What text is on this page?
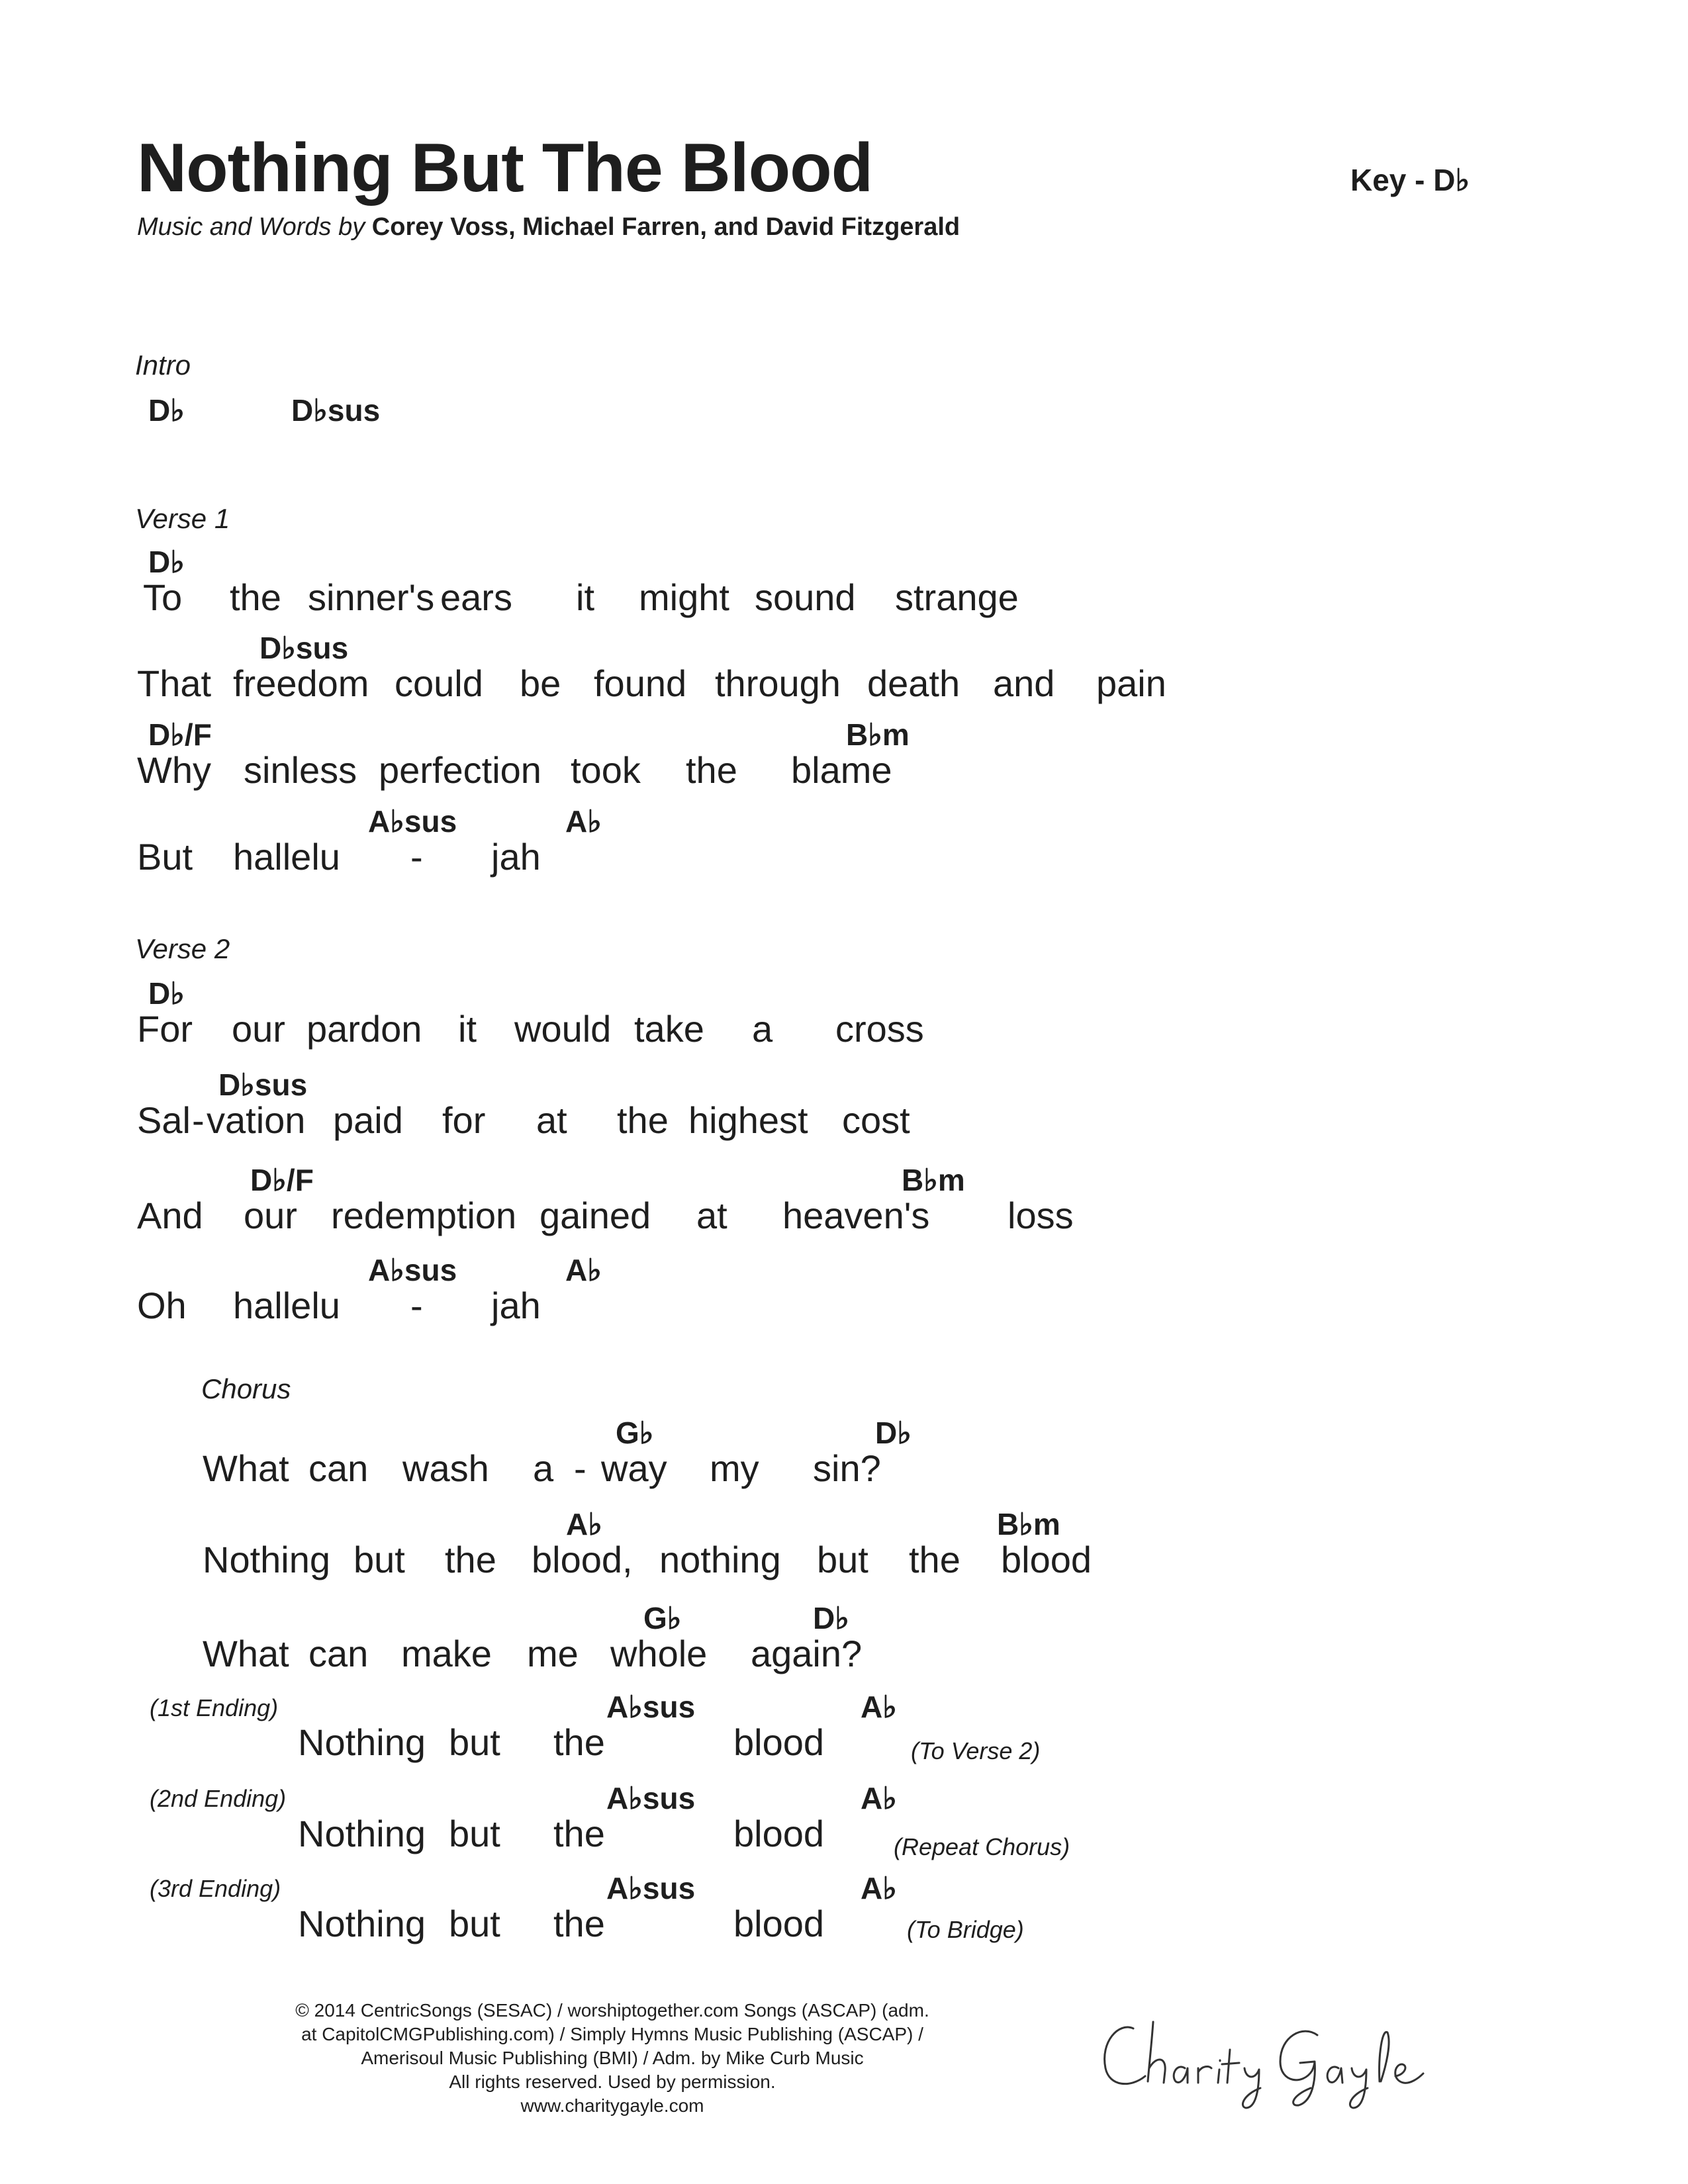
Nothing But The Blood	Key - D♭
Music and Words by Corey Voss, Michael Farren, and David Fitzgerald
Intro
D♭	D♭sus
Verse 1
D♭
To the sinner's ears it might sound strange
D♭sus
That freedom could be found through death and pain
D♭/F	B♭m
Why sinless perfection took the blame
A♭sus	A♭
But hallelu - jah
Verse 2
D♭
For our pardon it would take a cross
D♭sus
Sal - vation paid for at the highest cost
D♭/F	B♭m
And our redemption gained at heaven's loss
A♭sus	A♭
Oh hallelu - jah
Chorus
G♭	D♭
What can wash a - way my sin?
A♭	B♭m
Nothing but the blood, nothing but the blood
G♭	D♭
What can make me whole again?
(1st Ending)	A♭sus	A♭
Nothing but the	blood	(To Verse 2)
(2nd Ending)	A♭sus	A♭
Nothing but the	blood	(Repeat Chorus)
(3rd Ending)	A♭sus	A♭
Nothing but the	blood	(To Bridge)
© 2014 CentricSongs (SESAC) / worshiptogether.com Songs (ASCAP) (adm.
at CapitolCMGPublishing.com) / Simply Hymns Music Publishing (ASCAP) /
Amerisoul Music Publishing (BMI) / Adm. by Mike Curb Music
All rights reserved. Used by permission.
www.charitygayle.com
